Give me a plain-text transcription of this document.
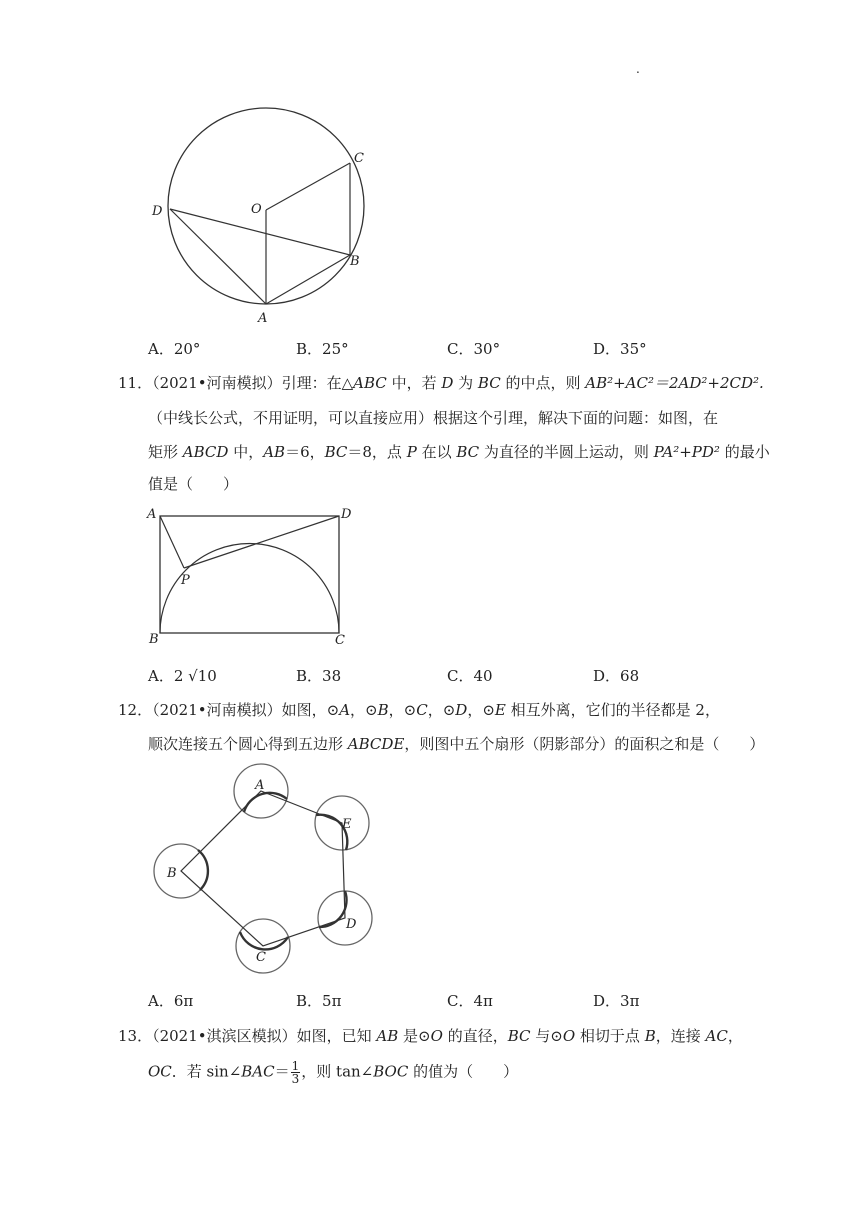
.
C
O
D
B
A
A．20°	B．25°	C．30°	D．35°
11．（2021•河南模拟）引理：在△ABC 中，若 D 为 BC 的中点，则 AB²+AC²＝2AD²+2CD².
（中线长公式，不用证明，可以直接应用）根据这个引理，解决下面的问题：如图，在
矩形 ABCD 中，AB＝6，BC＝8，点 P 在以 BC 为直径的半圆上运动，则 PA²+PD² 的最小
值是（　　）
A	D
P
B	C
A．2 √10	B．38	C．40	D．68
12．（2021•河南模拟）如图，⊙A，⊙B，⊙C，⊙D，⊙E 相互外离，它们的半径都是 2，
顺次连接五个圆心得到五边形 ABCDE，则图中五个扇形（阴影部分）的面积之和是（　　）
A
E
B
D
C
A．6π	B．5π	C．4π	D．3π
13．（2021•淇滨区模拟）如图，已知 AB 是⊙O 的直径，BC 与⊙O 相切于点 B，连接 AC，
OC．若 sin∠BAC＝ $\frac{1}{3}$ ，则 tan∠BOC 的值为（　　）
